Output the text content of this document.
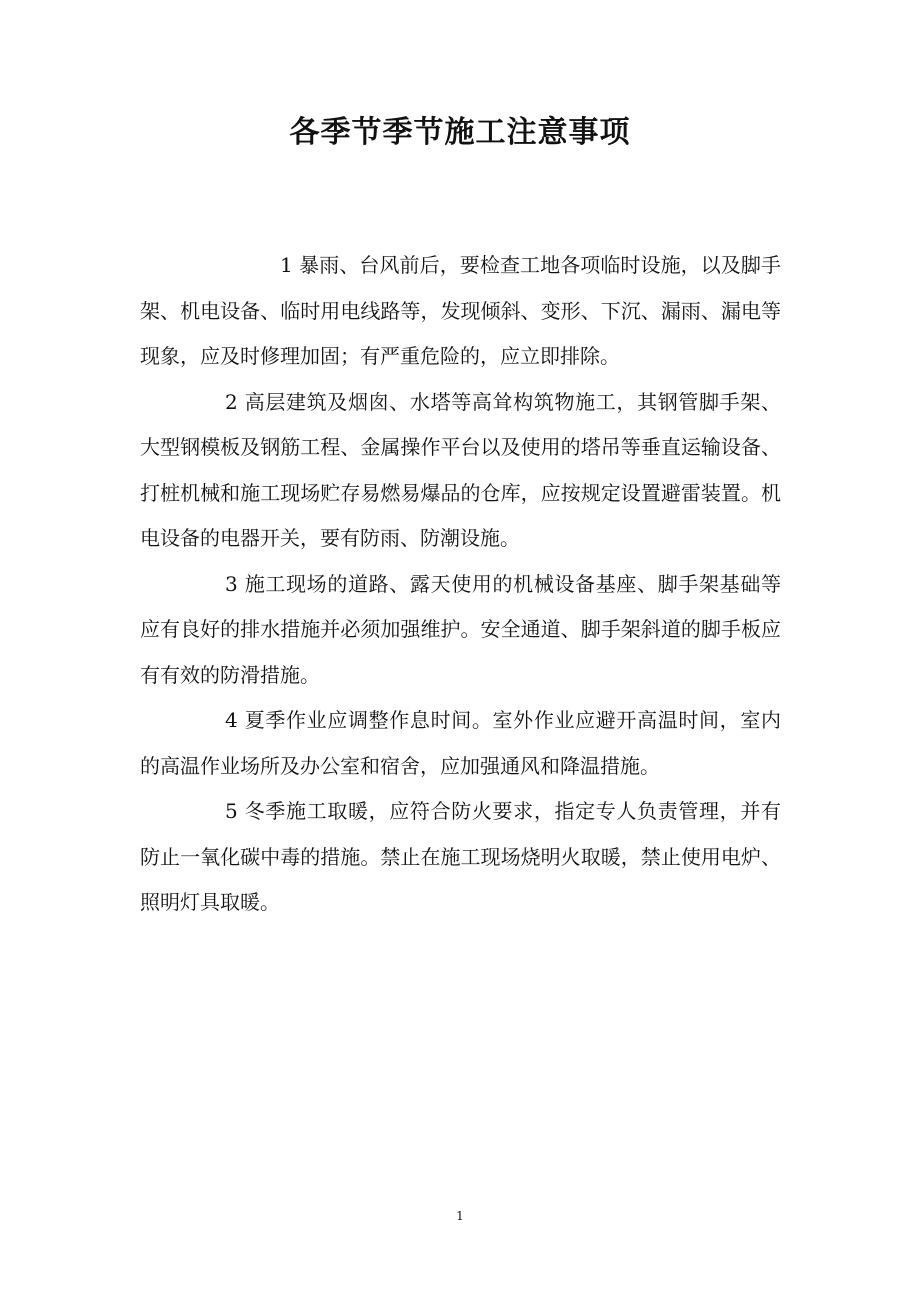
各季节季节施工注意事项

1 暴雨、台风前后，要检查工地各项临时设施，以及脚手架、机电设备、临时用电线路等，发现倾斜、变形、下沉、漏雨、漏电等现象，应及时修理加固；有严重危险的，应立即排除。

2 高层建筑及烟囱、水塔等高耸构筑物施工，其钢管脚手架、大型钢模板及钢筋工程、金属操作平台以及使用的塔吊等垂直运输设备、打桩机械和施工现场贮存易燃易爆品的仓库，应按规定设置避雷装置。机电设备的电器开关，要有防雨、防潮设施。

3 施工现场的道路、露天使用的机械设备基座、脚手架基础等应有良好的排水措施并必须加强维护。安全通道、脚手架斜道的脚手板应有有效的防滑措施。

4 夏季作业应调整作息时间。室外作业应避开高温时间，室内的高温作业场所及办公室和宿舍，应加强通风和降温措施。

5 冬季施工取暖，应符合防火要求，指定专人负责管理，并有防止一氧化碳中毒的措施。禁止在施工现场烧明火取暖，禁止使用电炉、照明灯具取暖。

1
